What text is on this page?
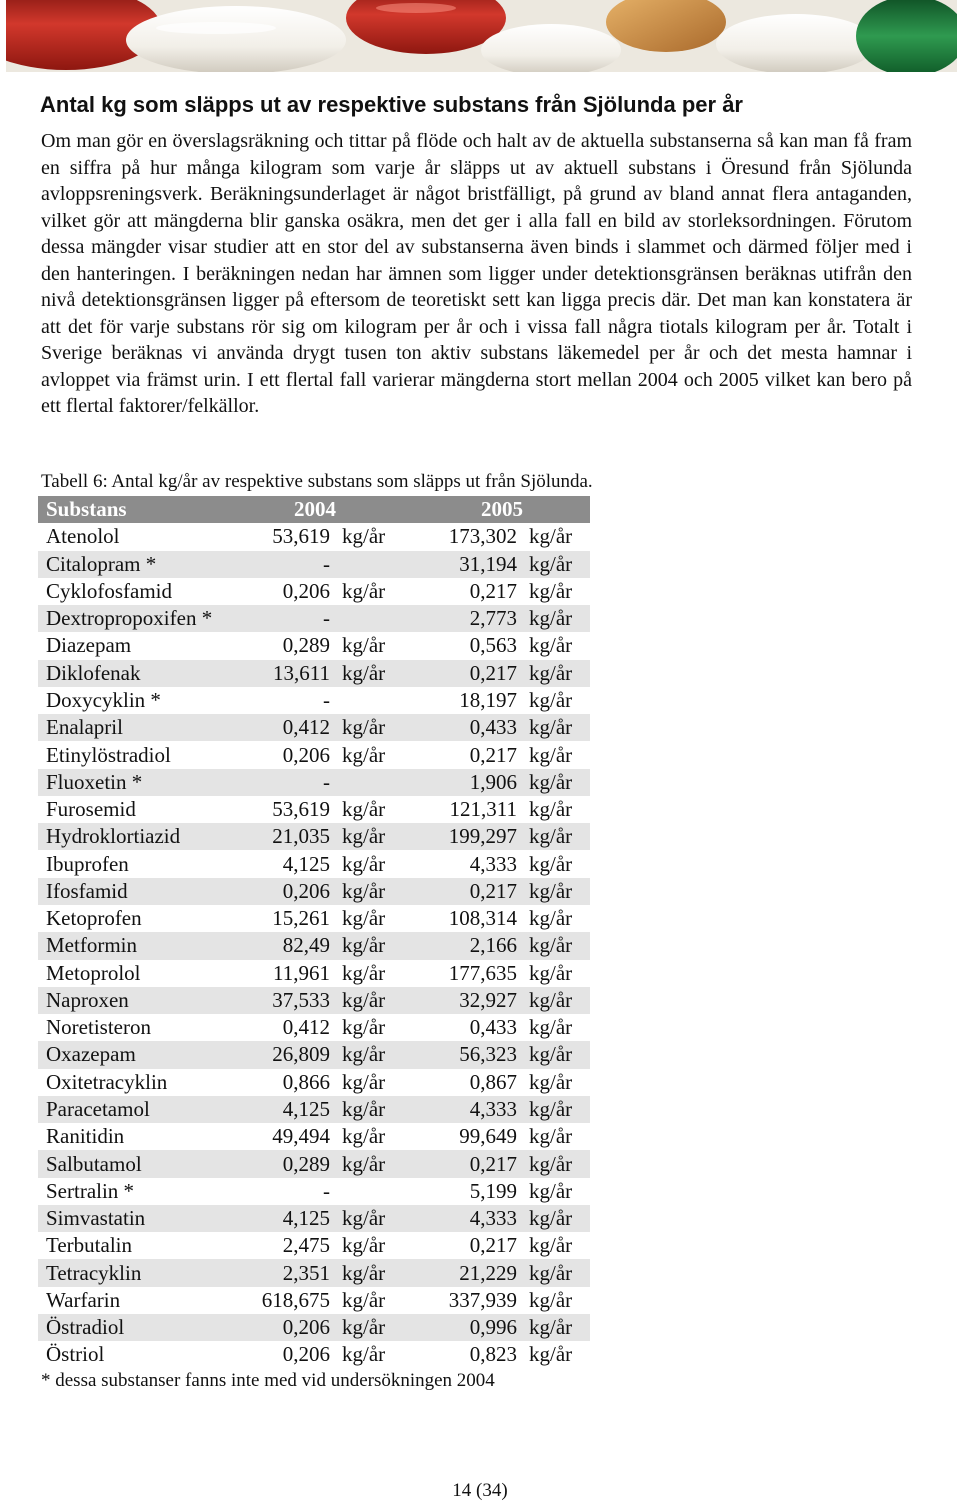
Antal kg som släpps ut av respektive substans från Sjölunda per år

Om man gör en överslagsräkning och tittar på flöde och halt av de aktuella substanserna så kan man få fram en siffra på hur många kilogram som varje år släpps ut av aktuell substans i Öresund från Sjölunda avloppsreningsverk. Beräkningsunderlaget är något bristfälligt, på grund av bland annat flera antaganden, vilket gör att mängderna blir ganska osäkra, men det ger i alla fall en bild av storleksordningen. Förutom dessa mängder visar studier att en stor del av substanserna även binds i slammet och därmed följer med i den hanteringen. I beräkningen nedan har ämnen som ligger under detektionsgränsen beräknas utifrån den nivå detektionsgränsen ligger på eftersom de teoretiskt sett kan ligga precis där. Det man kan konstatera är att det för varje substans rör sig om kilogram per år och i vissa fall några tiotals kilogram per år. Totalt i Sverige beräknas vi använda drygt tusen ton aktiv substans läkemedel per år och det mesta hamnar i avloppet via främst urin. I ett flertal fall varierar mängderna stort mellan 2004 och 2005 vilket kan bero på ett flertal faktorer/felkällor.

Tabell 6: Antal kg/år av respektive substans som släpps ut från Sjölunda.

Substans	2004		2005	
Atenolol	53,619	kg/år	173,302	kg/år
Citalopram *	-		31,194	kg/år
Cyklofosfamid	0,206	kg/år	0,217	kg/år
Dextropropoxifen *	-		2,773	kg/år
Diazepam	0,289	kg/år	0,563	kg/år
Diklofenak	13,611	kg/år	0,217	kg/år
Doxycyklin *	-		18,197	kg/år
Enalapril	0,412	kg/år	0,433	kg/år
Etinylöstradiol	0,206	kg/år	0,217	kg/år
Fluoxetin *	-		1,906	kg/år
Furosemid	53,619	kg/år	121,311	kg/år
Hydroklortiazid	21,035	kg/år	199,297	kg/år
Ibuprofen	4,125	kg/år	4,333	kg/år
Ifosfamid	0,206	kg/år	0,217	kg/år
Ketoprofen	15,261	kg/år	108,314	kg/år
Metformin	82,49	kg/år	2,166	kg/år
Metoprolol	11,961	kg/år	177,635	kg/år
Naproxen	37,533	kg/år	32,927	kg/år
Noretisteron	0,412	kg/år	0,433	kg/år
Oxazepam	26,809	kg/år	56,323	kg/år
Oxitetracyklin	0,866	kg/år	0,867	kg/år
Paracetamol	4,125	kg/år	4,333	kg/år
Ranitidin	49,494	kg/år	99,649	kg/år
Salbutamol	0,289	kg/år	0,217	kg/år
Sertralin *	-		5,199	kg/år
Simvastatin	4,125	kg/år	4,333	kg/år
Terbutalin	2,475	kg/år	0,217	kg/år
Tetracyklin	2,351	kg/år	21,229	kg/år
Warfarin	618,675	kg/år	337,939	kg/år
Östradiol	0,206	kg/år	0,996	kg/år
Östriol	0,206	kg/år	0,823	kg/år

* dessa substanser fanns inte med vid undersökningen 2004

14 (34)
